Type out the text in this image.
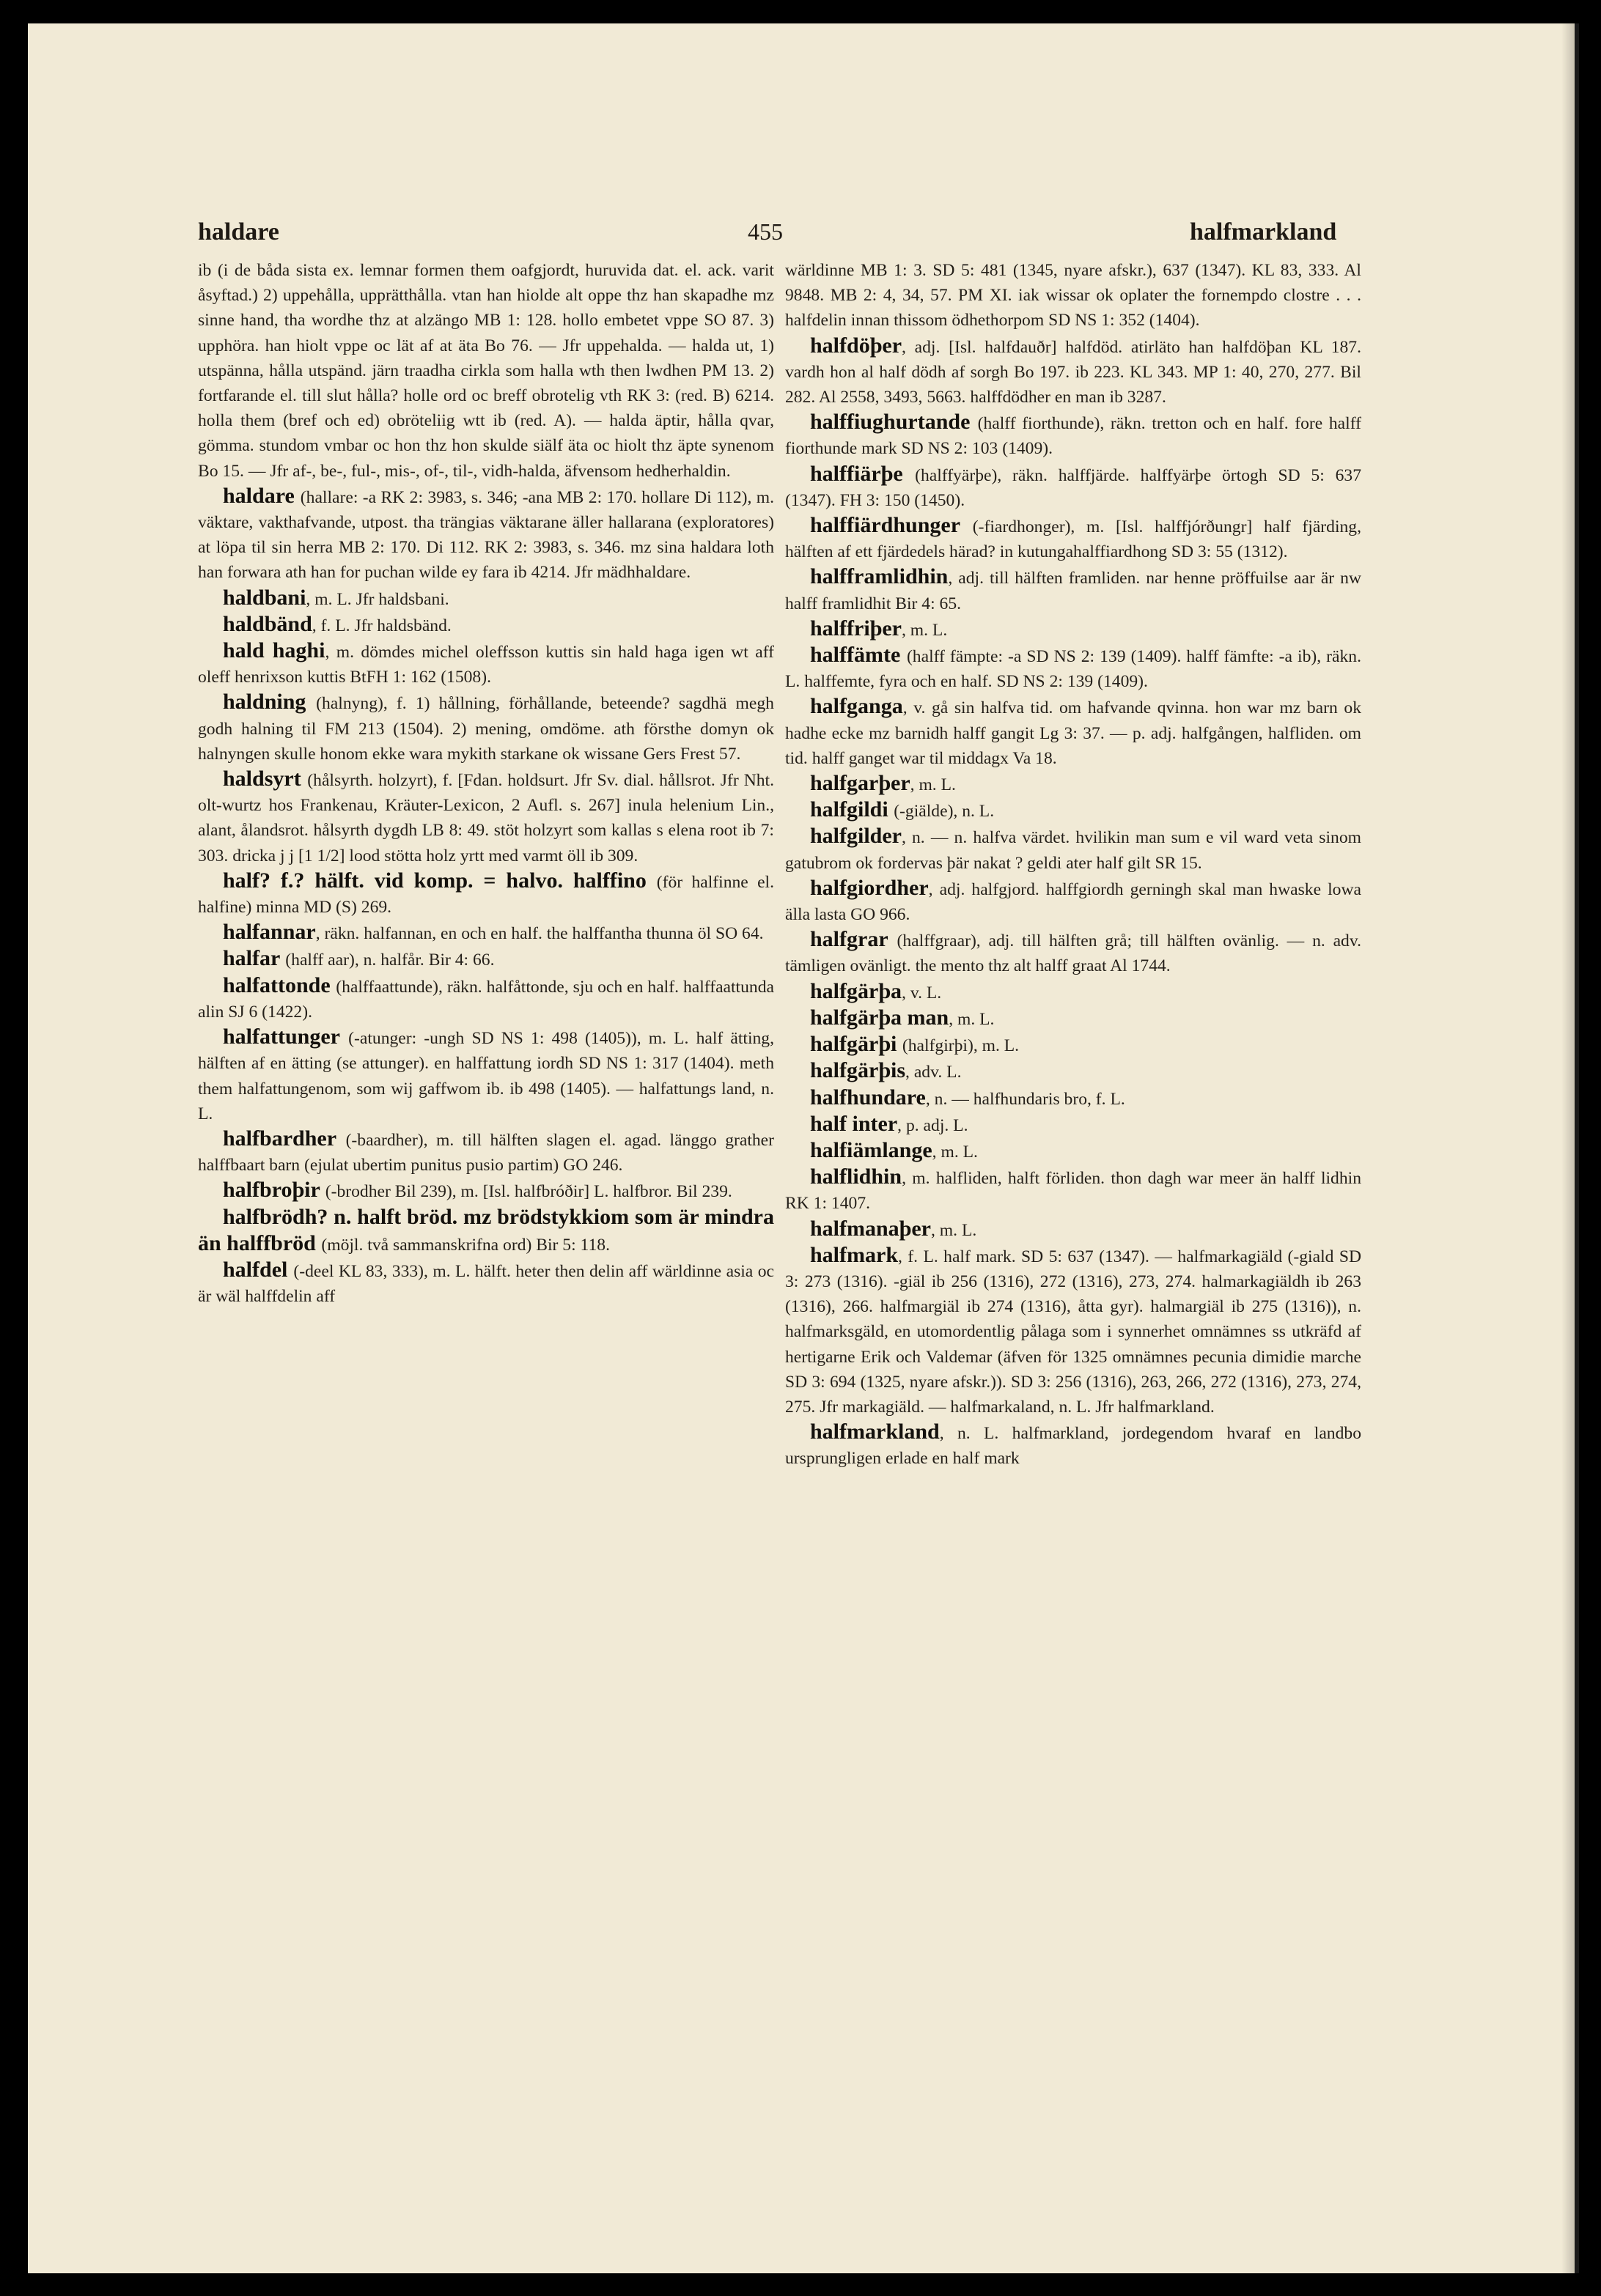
haldare	455	halfmarkland

ib (i de båda sista ex. lemnar formen them oafgjordt, huruvida dat. el. ack. varit åsyftad.) 2) uppehålla, upprätthålla. vtan han hiolde alt oppe thz han skapadhe mz sinne hand, tha wordhe thz at alzängo MB 1: 128. hollo embetet vppe SO 87. 3) upphöra. han hiolt vppe oc lät af at äta Bo 76. — Jfr uppehalda. — halda ut, 1) utspänna, hålla utspänd. järn traadha cirkla som halla wth then lwdhen PM 13. 2) fortfarande el. till slut hålla? holle ord oc breff obrotelig vth RK 3: (red. B) 6214. holla them (bref och ed) obröteliig wtt ib (red. A). — halda äptir, hålla qvar, gömma. stundom vmbar oc hon thz hon skulde siälf äta oc hiolt thz äpte synenom Bo 15. — Jfr af-, be-, ful-, mis-, of-, til-, vidh-halda, äfvensom hedherhaldin.

haldare (hallare: -a RK 2: 3983, s. 346; -ana MB 2: 170. hollare Di 112), m. väktare, vakthafvande, utpost. tha trängias väktarane äller hallarana (exploratores) at löpa til sin herra MB 2: 170. Di 112. RK 2: 3983, s. 346. mz sina haldara loth han forwara ath han for puchan wilde ey fara ib 4214. Jfr mädhhaldare.

haldbani, m. L. Jfr haldsbani.

haldbänd, f. L. Jfr haldsbänd.

hald haghi, m. dömdes michel oleffsson kuttis sin hald haga igen wt aff oleff henrixson kuttis BtFH 1: 162 (1508).

haldning (halnyng), f. 1) hållning, förhållande, beteende? sagdhä megh godh halning til FM 213 (1504). 2) mening, omdöme. ath försthe domyn ok halnyngen skulle honom ekke wara mykith starkane ok wissane Gers Frest 57.

haldsyrt (hålsyrth. holzyrt), f. [Fdan. holdsurt. Jfr Sv. dial. hållsrot. Jfr Nht. olt-wurtz hos Frankenau, Kräuter-Lexicon, 2 Aufl. s. 267] inula helenium Lin., alant, ålandsrot. hålsyrth dygdh LB 8: 49. stöt holzyrt som kallas s elena root ib 7: 303. dricka j j [1 1/2] lood stötta holz yrtt med varmt öll ib 309.

half? f.? hälft. vid komp. = halvo. halffino (för halfinne el. halfine) minna MD (S) 269.

halfannar, räkn. halfannan, en och en half. the halffantha thunna öl SO 64.

halfar (halff aar), n. halfår. Bir 4: 66.

halfattonde (halffaattunde), räkn. halfåttonde, sju och en half. halffaattunda alin SJ 6 (1422).

halfattunger (-atunger: -ungh SD NS 1: 498 (1405)), m. L. half ätting, hälften af en ätting (se attunger). en halffattung iordh SD NS 1: 317 (1404). meth them halfattungenom, som wij gaffwom ib. ib 498 (1405). — halfattungs land, n. L.

halfbardher (-baardher), m. till hälften slagen el. agad. länggo grather halffbaart barn (ejulat ubertim punitus pusio partim) GO 246.

halfbroþir (-brodher Bil 239), m. [Isl. halfbróðir] L. halfbror. Bil 239.

halfbrödh? n. halft bröd. mz brödstykkiom som är mindra än halffbröd (möjl. två sammanskrifna ord) Bir 5: 118.

halfdel (-deel KL 83, 333), m. L. hälft. heter then delin aff wärldinne asia oc är wäl halffdelin aff

wärldinne MB 1: 3. SD 5: 481 (1345, nyare afskr.), 637 (1347). KL 83, 333. Al 9848. MB 2: 4, 34, 57. PM XI. iak wissar ok oplater the fornempdo clostre . . . halfdelin innan thissom ödhethorpom SD NS 1: 352 (1404).

halfdöþer, adj. [Isl. halfdauðr] halfdöd. atirläto han halfdöþan KL 187. vardh hon al half dödh af sorgh Bo 197. ib 223. KL 343. MP 1: 40, 270, 277. Bil 282. Al 2558, 3493, 5663. halffdödher en man ib 3287.

halffiughurtande (halff fiorthunde), räkn. tretton och en half. fore halff fiorthunde mark SD NS 2: 103 (1409).

halffiärþe (halffyärþe), räkn. halffjärde. halffyärþe örtogh SD 5: 637 (1347). FH 3: 150 (1450).

halffiärdhunger (-fiardhonger), m. [Isl. halffjórðungr] half fjärding, hälften af ett fjärdedels härad? in kutungahalffiardhong SD 3: 55 (1312).

halfframlidhin, adj. till hälften framliden. nar henne pröffuilse aar är nw halff framlidhit Bir 4: 65.

halffriþer, m. L.

halffämte (halff fämpte: -a SD NS 2: 139 (1409). halff fämfte: -a ib), räkn. L. halffemte, fyra och en half. SD NS 2: 139 (1409).

halfganga, v. gå sin halfva tid. om hafvande qvinna. hon war mz barn ok hadhe ecke mz barnidh halff gangit Lg 3: 37. — p. adj. halfgången, halfliden. om tid. halff ganget war til middagx Va 18.

halfgarþer, m. L.

halfgildi (-giälde), n. L.

halfgilder, n. — n. halfva värdet. hvilikin man sum e vil ward veta sinom gatubrom ok fordervas þär nakat ? geldi ater half gilt SR 15.

halfgiordher, adj. halfgjord. halffgiordh gerningh skal man hwaske lowa älla lasta GO 966.

halfgrar (halffgraar), adj. till hälften grå; till hälften ovänlig. — n. adv. tämligen ovänligt. the mento thz alt halff graat Al 1744.

halfgärþa, v. L.

halfgärþa man, m. L.

halfgärþi (halfgirþi), m. L.

halfgärþis, adv. L.

halfhundare, n. — halfhundaris bro, f. L.

half inter, p. adj. L.

halfiämlange, m. L.

halflidhin, m. halfliden, halft förliden. thon dagh war meer än halff lidhin RK 1: 1407.

halfmanaþer, m. L.

halfmark, f. L. half mark. SD 5: 637 (1347). — halfmarkagiäld (-giald SD 3: 273 (1316). -giäl ib 256 (1316), 272 (1316), 273, 274. halmarkagiäldh ib 263 (1316), 266. halfmargiäl ib 274 (1316), åtta gyr). halmargiäl ib 275 (1316)), n. halfmarksgäld, en utomordentlig pålaga som i synnerhet omnämnes ss utkräfd af hertigarne Erik och Valdemar (äfven för 1325 omnämnes pecunia dimidie marche SD 3: 694 (1325, nyare afskr.)). SD 3: 256 (1316), 263, 266, 272 (1316), 273, 274, 275. Jfr markagiäld. — halfmarkaland, n. L. Jfr halfmarkland.

halfmarkland, n. L. halfmarkland, jordegendom hvaraf en landbo ursprungligen erlade en half mark
